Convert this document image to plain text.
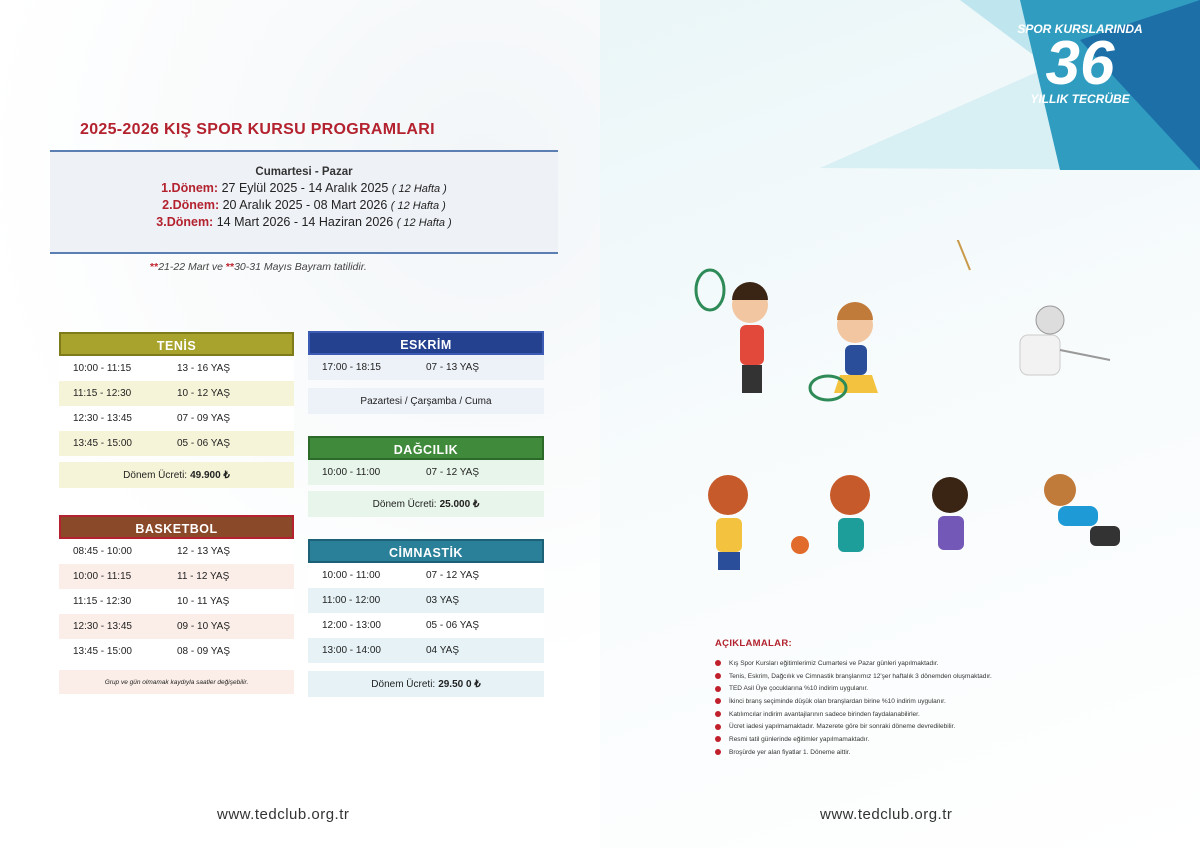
SPOR KURSLARINDA
36
YILLIK TECRÜBE
2025-2026 KIŞ SPOR KURSU PROGRAMLARI
Cumartesi - Pazar
1.Dönem: 27 Eylül 2025 - 14 Aralık 2025 ( 12 Hafta )
2.Dönem: 20 Aralık 2025 - 08 Mart 2026 ( 12 Hafta )
3.Dönem: 14 Mart 2026 - 14 Haziran 2026 ( 12 Hafta )
**21-22 Mart ve **30-31 Mayıs Bayram tatilidir.
TENİS
10:00 - 11:15	13 - 16 YAŞ
11:15 - 12:30	10 - 12 YAŞ
12:30 - 13:45	07 - 09 YAŞ
13:45 - 15:00	05 - 06 YAŞ
Dönem Ücreti: 49.900 ₺
BASKETBOL
08:45 - 10:00	12 - 13 YAŞ
10:00 - 11:15	11 - 12 YAŞ
11:15 - 12:30	10 - 11 YAŞ
12:30 - 13:45	09 - 10 YAŞ
13:45 - 15:00	08 - 09 YAŞ
Grup ve gün olmamak kaydıyla saatler değişebilir.
ESKRİM
17:00 - 18:15	07 - 13 YAŞ
Pazartesi / Çarşamba / Cuma
DAĞCILIK
10:00 - 11:00	07 - 12 YAŞ
Dönem Ücreti: 25.000 ₺
CİMNASTİK
10:00 - 11:00	07 - 12 YAŞ
11:00 - 12:00	03 YAŞ
12:00 - 13:00	05 - 06 YAŞ
13:00 - 14:00	04 YAŞ
Dönem Ücreti: 29.50 0 ₺
AÇIKLAMALAR:
Kış Spor Kursları eğitimlerimiz Cumartesi ve Pazar günleri yapılmaktadır.
Tenis, Eskrim, Dağcılık ve Cimnastik branşlarımız 12'şer haftalık 3 dönemden oluşmaktadır.
TED Asil Üye çocuklarına %10 indirim uygulanır.
İkinci branş seçiminde düşük olan branşlardan birine %10 indirim uygulanır.
Katılımcılar indirim avantajlarının sadece birinden faydalanabilirler.
Ücret iadesi yapılmamaktadır. Mazerete göre bir sonraki döneme devredilebilir.
Resmi tatil günlerinde eğitimler yapılmamaktadır.
Broşürde yer alan fiyatlar 1. Döneme aittir.
www.tedclub.org.tr	www.tedclub.org.tr
